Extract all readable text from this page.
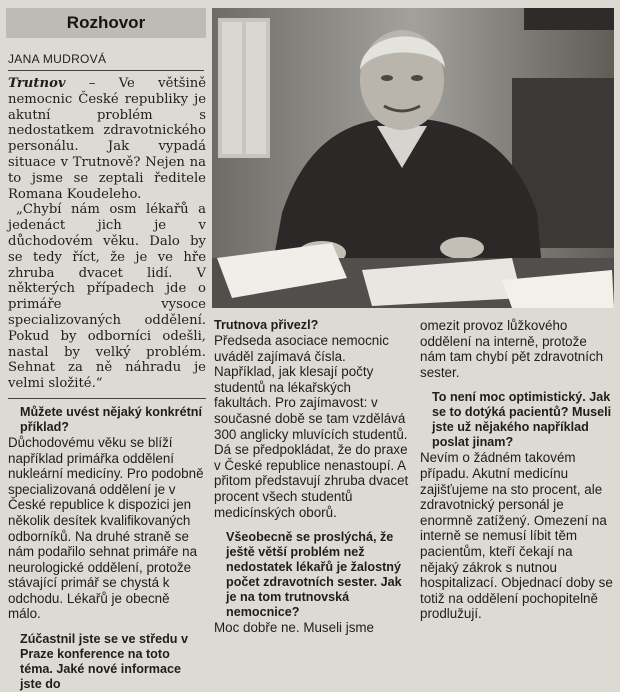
Rozhovor
JANA MUDROVÁ

Trutnov – Ve většině nemocnic České republiky je akutní problém s nedostatkem zdravotnického personálu. Jak vypadá situace v Trutnově? Nejen na to jsme se zeptali ředitele Romana Koudeleho.

„Chybí nám osm lékařů a jedenáct jich je v důchodovém věku. Dalo by se tedy říct, že je ve hře zhruba dvacet lidí. V některých případech jde o primáře vysoce specializovaných oddělení. Pokud by odborníci odešli, nastal by velký problém. Sehnat za ně náhradu je velmi složité.“

Můžete uvést nějaký konkrétní příklad?

Důchodovému věku se blíží například primářka oddělení nukleární medicíny. Pro podobně specializovaná oddělení je v České republice k dispozici jen několik desítek kvalifikovaných odborníků. Na druhé straně se nám podařilo sehnat primáře na neurologické oddělení, protože stávající primář se chystá k odchodu. Lékařů je obecně málo.

Zúčastnil jste se ve středu v Praze konference na toto téma. Jaké nové informace jste do

Trutnova přivezl?

Předseda asociace nemocnic uváděl zajímavá čísla. Například, jak klesají počty studentů na lékařských fakultách. Pro zajímavost: v současné době se tam vzdělává 300 anglicky mluvících studentů. Dá se předpokládat, že do praxe v České republice nenastoupí. A přitom představují zhruba dvacet procent všech studentů medicínských oborů.

Všeobecně se proslýchá, že ještě větší problém než nedostatek lékařů je žalostný počet zdravotních sester. Jak je na tom trutnovská nemocnice?

Moc dobře ne. Museli jsme

omezit provoz lůžkového oddělení na interně, protože nám tam chybí pět zdravotních sester.

To není moc optimistický. Jak se to dotýká pacientů? Museli jste už nějakého například poslat jinam?

Nevím o žádném takovém případu. Akutní medicínu zajišťujeme na sto procent, ale zdravotnický personál je enormně zatížený. Omezení na interně se nemusí líbit těm pacientům, kteří čekají na nějaký zákrok s nutnou hospitalizací. Objednací doby se totiž na oddělení pochopitelně prodlužují.
